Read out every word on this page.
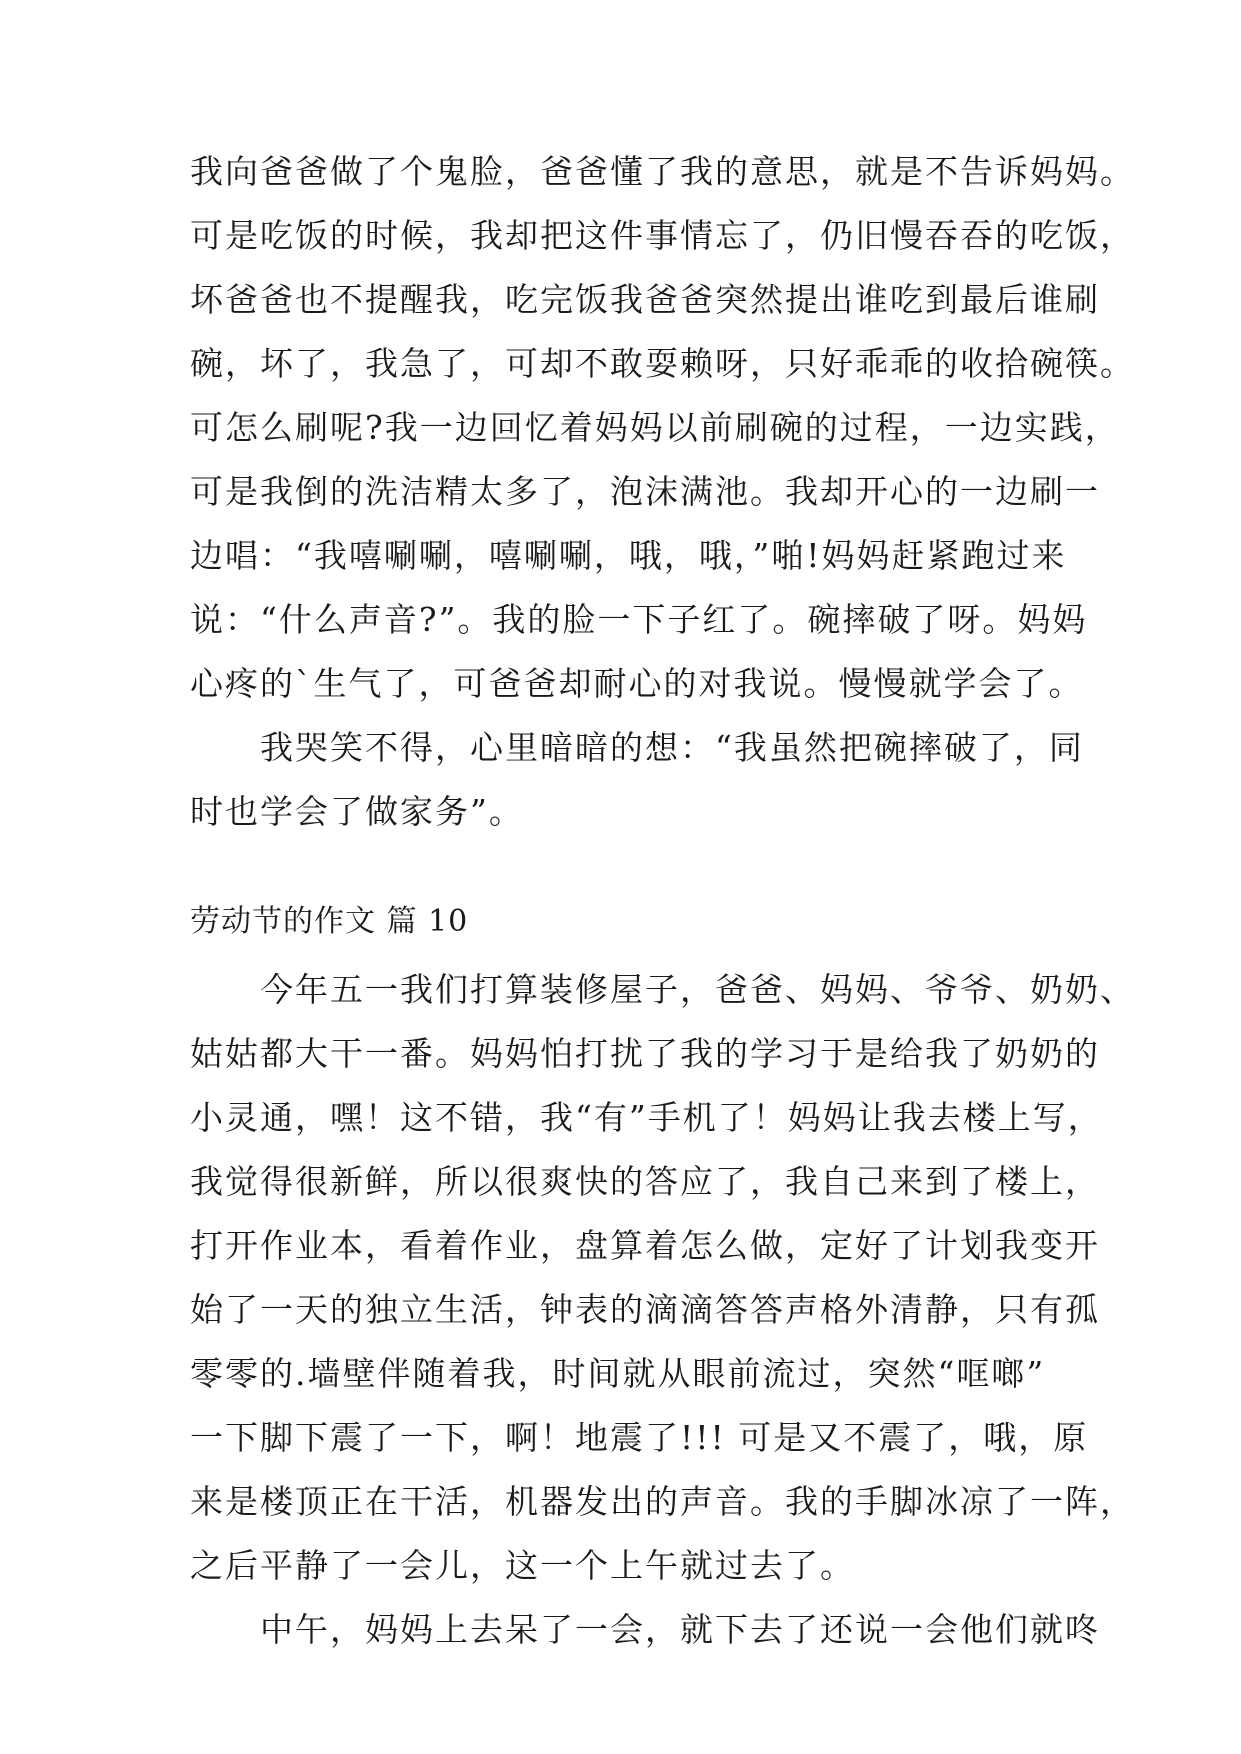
我向爸爸做了个鬼脸，爸爸懂了我的意思，就是不告诉妈妈。
可是吃饭的时候，我却把这件事情忘了，仍旧慢吞吞的吃饭，
坏爸爸也不提醒我，吃完饭我爸爸突然提出谁吃到最后谁刷
碗，坏了，我急了，可却不敢耍赖呀，只好乖乖的收拾碗筷。
可怎么刷呢?我一边回忆着妈妈以前刷碗的过程，一边实践，
可是我倒的洗洁精太多了，泡沫满池。我却开心的一边刷一
边唱：“我嘻唰唰，嘻唰唰，哦，哦，”啪!妈妈赶紧跑过来
说：“什么声音?”。我的脸一下子红了。碗摔破了呀。妈妈
心疼的`生气了，可爸爸却耐心的对我说。慢慢就学会了。
　　我哭笑不得，心里暗暗的想：“我虽然把碗摔破了，同
时也学会了做家务”。
劳动节的作文 篇 10
　　今年五一我们打算装修屋子，爸爸、妈妈、爷爷、奶奶、
姑姑都大干一番。妈妈怕打扰了我的学习于是给我了奶奶的
小灵通，嘿！这不错，我“有”手机了！妈妈让我去楼上写，
我觉得很新鲜，所以很爽快的答应了，我自己来到了楼上，
打开作业本，看着作业，盘算着怎么做，定好了计划我变开
始了一天的独立生活，钟表的滴滴答答声格外清静，只有孤
零零的.墙壁伴随着我，时间就从眼前流过，突然“哐啷”
一下脚下震了一下，啊！地震了!!! 可是又不震了，哦，原
来是楼顶正在干活，机器发出的声音。我的手脚冰凉了一阵，
之后平静了一会儿，这一个上午就过去了。
　　中午，妈妈上去呆了一会，就下去了还说一会他们就咚
